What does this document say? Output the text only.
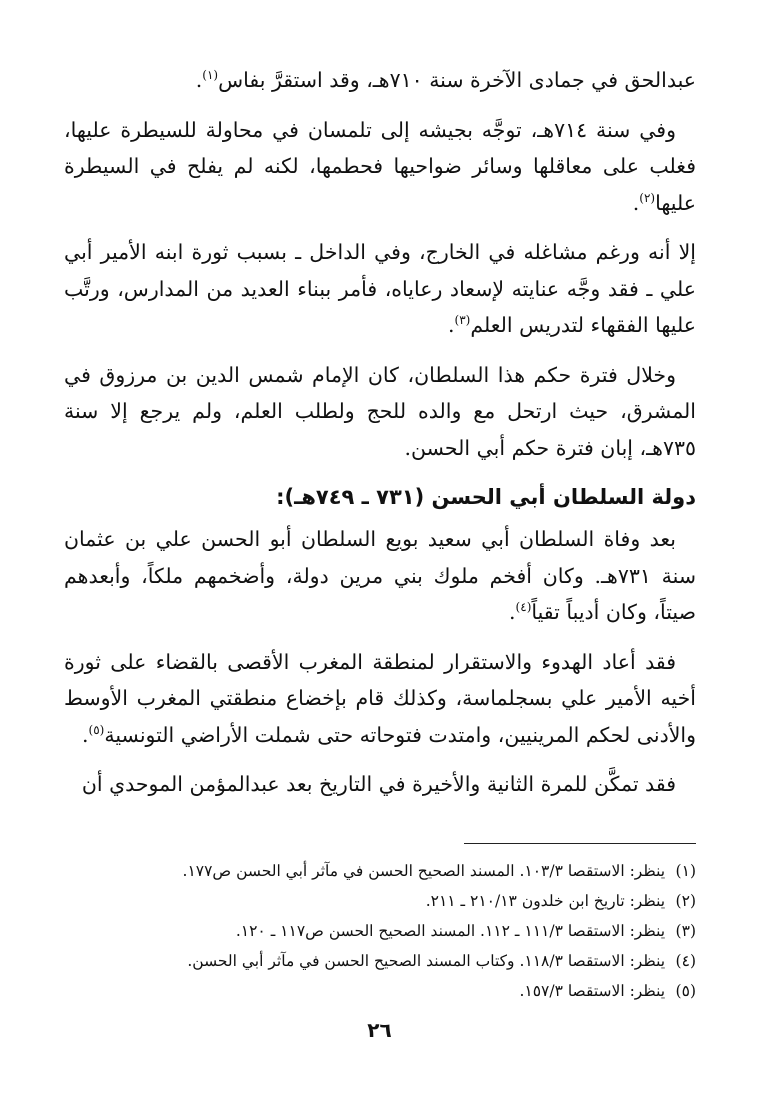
عبدالحق في جمادى الآخرة سنة ٧١٠هـ، وقد استقرَّ بفاس$^{(١)}$.

وفي سنة ٧١٤هـ، توجَّه بجيشه إلى تلمسان في محاولة للسيطرة عليها، فغلب على معاقلها وسائر ضواحيها فحطمها، لكنه لم يفلح في السيطرة عليها$^{(٢)}$.

إلا أنه ورغم مشاغله في الخارج، وفي الداخل ـ بسبب ثورة ابنه الأمير أبي علي ـ فقد وجَّه عنايته لإسعاد رعاياه، فأمر ببناء العديد من المدارس، ورتَّب عليها الفقهاء لتدريس العلم$^{(٣)}$.

وخلال فترة حكم هذا السلطان، كان الإمام شمس الدين بن مرزوق في المشرق، حيث ارتحل مع والده للحج ولطلب العلم، ولم يرجع إلا سنة ٧٣٥هـ، إبان فترة حكم أبي الحسن.

دولة السلطان أبي الحسن (٧٣١ ـ ٧٤٩هـ):

بعد وفاة السلطان أبي سعيد بويع السلطان أبو الحسن علي بن عثمان سنة ٧٣١هـ. وكان أفخم ملوك بني مرين دولة، وأضخمهم ملكاً، وأبعدهم صيتاً، وكان أديباً تقياً$^{(٤)}$.

فقد أعاد الهدوء والاستقرار لمنطقة المغرب الأقصى بالقضاء على ثورة أخيه الأمير علي بسجلماسة، وكذلك قام بإخضاع منطقتي المغرب الأوسط والأدنى لحكم المرينيين، وامتدت فتوحاته حتى شملت الأراضي التونسية$^{(٥)}$.

فقد تمكَّن للمرة الثانية والأخيرة في التاريخ بعد عبدالمؤمن الموحدي أن

(١) ينظر: الاستقصا ١٠٣/٣. المسند الصحيح الحسن في مآثر أبي الحسن ص١٧٧.
(٢) ينظر: تاريخ ابن خلدون ٢١٠/١٣ ـ ٢١١.
(٣) ينظر: الاستقصا ١١١/٣ ـ ١١٢. المسند الصحيح الحسن ص١١٧ ـ ١٢٠.
(٤) ينظر: الاستقصا ١١٨/٣. وكتاب المسند الصحيح الحسن في مآثر أبي الحسن.
(٥) ينظر: الاستقصا ١٥٧/٣.
٢٦
